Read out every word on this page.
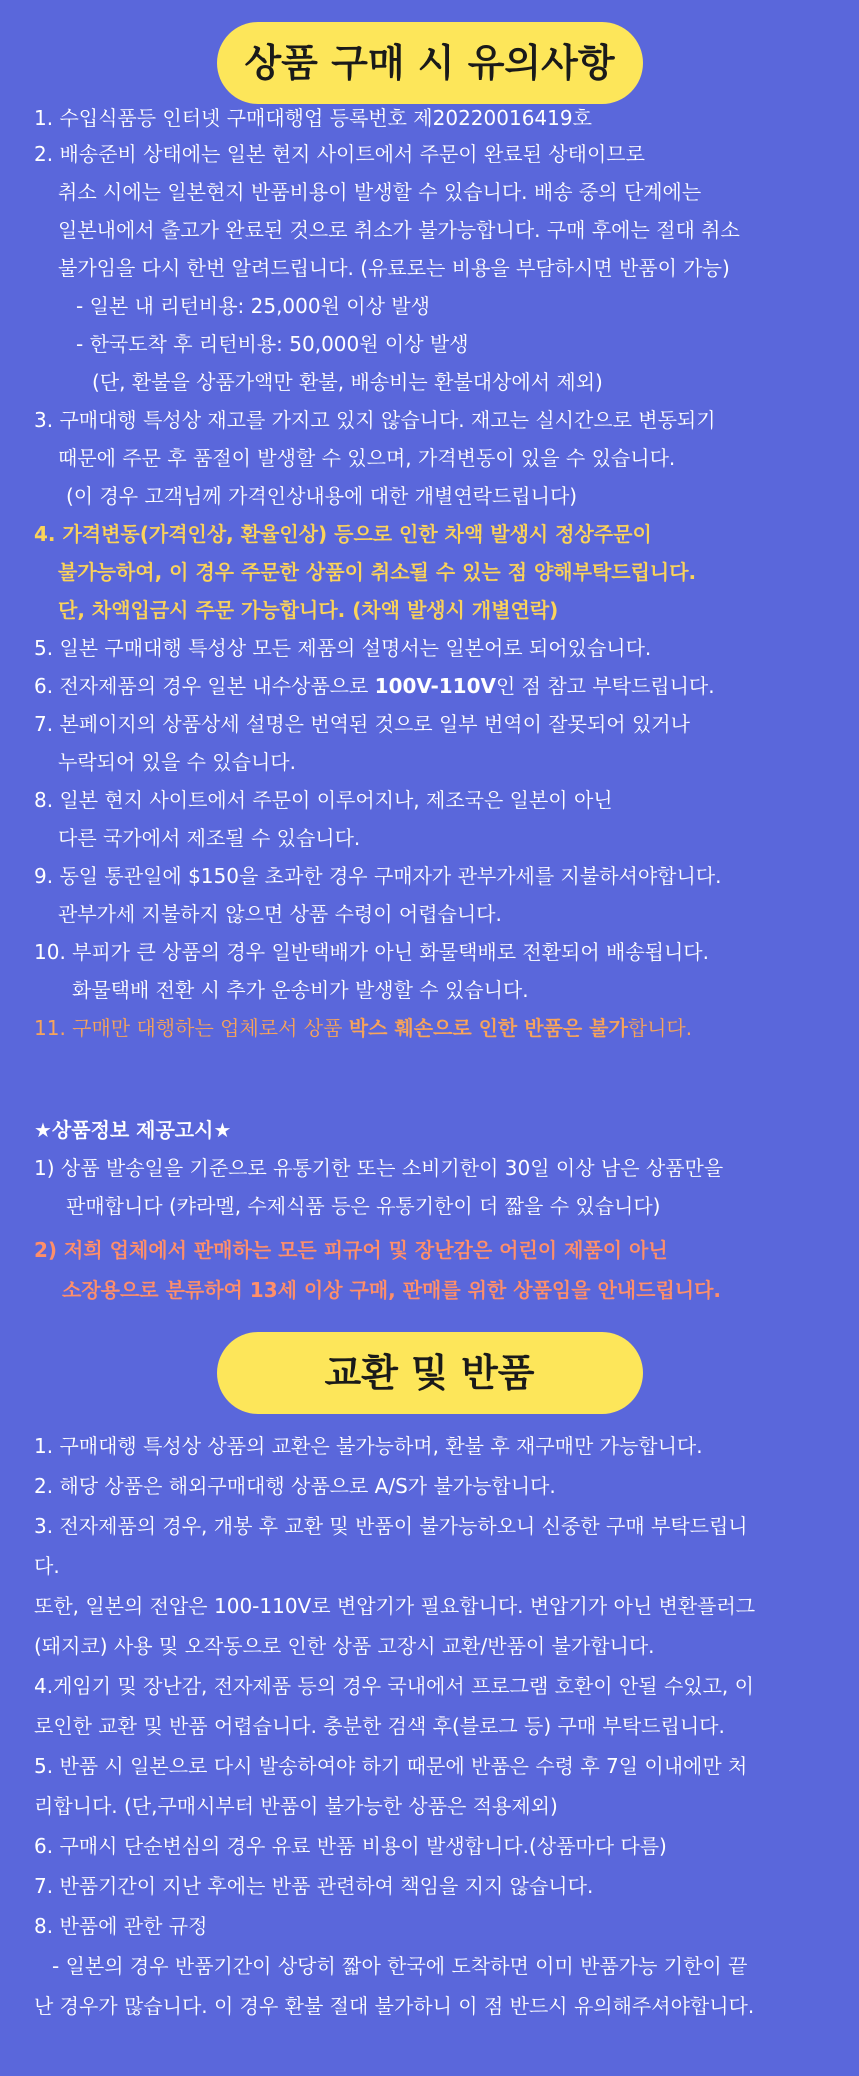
상품 구매 시 유의사항
1. 수입식품등 인터넷 구매대행업 등록번호 제20220016419호
2. 배송준비 상태에는 일본 현지 사이트에서 주문이 완료된 상태이므로
취소 시에는 일본현지 반품비용이 발생할 수 있습니다. 배송 중의 단계에는
일본내에서 출고가 완료된 것으로 취소가 불가능합니다. 구매 후에는 절대 취소
불가임을 다시 한번 알려드립니다. (유료로는 비용을 부담하시면 반품이 가능)
- 일본 내 리턴비용: 25,000원 이상 발생
- 한국도착 후 리턴비용: 50,000원 이상 발생
(단, 환불을 상품가액만 환불, 배송비는 환불대상에서 제외)
3. 구매대행 특성상 재고를 가지고 있지 않습니다. 재고는 실시간으로 변동되기
때문에 주문 후 품절이 발생할 수 있으며, 가격변동이 있을 수 있습니다.
(이 경우 고객님께 가격인상내용에 대한 개별연락드립니다)
4. 가격변동(가격인상, 환율인상) 등으로 인한 차액 발생시 정상주문이
불가능하여, 이 경우 주문한 상품이 취소될 수 있는 점 양해부탁드립니다.
단, 차액입금시 주문 가능합니다. (차액 발생시 개별연락)
5. 일본 구매대행 특성상 모든 제품의 설명서는 일본어로 되어있습니다.
6. 전자제품의 경우 일본 내수상품으로 100V-110V인 점 참고 부탁드립니다.
7. 본페이지의 상품상세 설명은 번역된 것으로 일부 번역이 잘못되어 있거나
누락되어 있을 수 있습니다.
8. 일본 현지 사이트에서 주문이 이루어지나, 제조국은 일본이 아닌
다른 국가에서 제조될 수 있습니다.
9. 동일 통관일에 $150을 초과한 경우 구매자가 관부가세를 지불하셔야합니다.
관부가세 지불하지 않으면 상품 수령이 어렵습니다.
10. 부피가 큰 상품의 경우 일반택배가 아닌 화물택배로 전환되어 배송됩니다.
화물택배 전환 시 추가 운송비가 발생할 수 있습니다.
11. 구매만 대행하는 업체로서 상품 박스 훼손으로 인한 반품은 불가합니다.
★상품정보 제공고시★
1) 상품 발송일을 기준으로 유통기한 또는 소비기한이 30일 이상 남은 상품만을
판매합니다 (캬라멜, 수제식품 등은 유통기한이 더 짧을 수 있습니다)
2) 저희 업체에서 판매하는 모든 피규어 및 장난감은 어린이 제품이 아닌
소장용으로 분류하여 13세 이상 구매, 판매를 위한 상품임을 안내드립니다.
교환 및 반품
1. 구매대행 특성상 상품의 교환은 불가능하며, 환불 후 재구매만 가능합니다.
2. 해당 상품은 해외구매대행 상품으로 A/S가 불가능합니다.
3. 전자제품의 경우, 개봉 후 교환 및 반품이 불가능하오니 신중한 구매 부탁드립니
다.
또한, 일본의 전압은 100-110V로 변압기가 필요합니다. 변압기가 아닌 변환플러그
(돼지코) 사용 및 오작동으로 인한 상품 고장시 교환/반품이 불가합니다.
4.게임기 및 장난감, 전자제품 등의 경우 국내에서 프로그램 호환이 안될 수있고, 이
로인한 교환 및 반품 어렵습니다. 충분한 검색 후(블로그 등) 구매 부탁드립니다.
5. 반품 시 일본으로 다시 발송하여야 하기 때문에 반품은 수령 후 7일 이내에만 처
리합니다. (단,구매시부터 반품이 불가능한 상품은 적용제외)
6. 구매시 단순변심의 경우 유료 반품 비용이 발생합니다.(상품마다 다름)
7. 반품기간이 지난 후에는 반품 관련하여 책임을 지지 않습니다.
8. 반품에 관한 규정
- 일본의 경우 반품기간이 상당히 짧아 한국에 도착하면 이미 반품가능 기한이 끝
난 경우가 많습니다. 이 경우 환불 절대 불가하니 이 점 반드시 유의해주셔야합니다.
